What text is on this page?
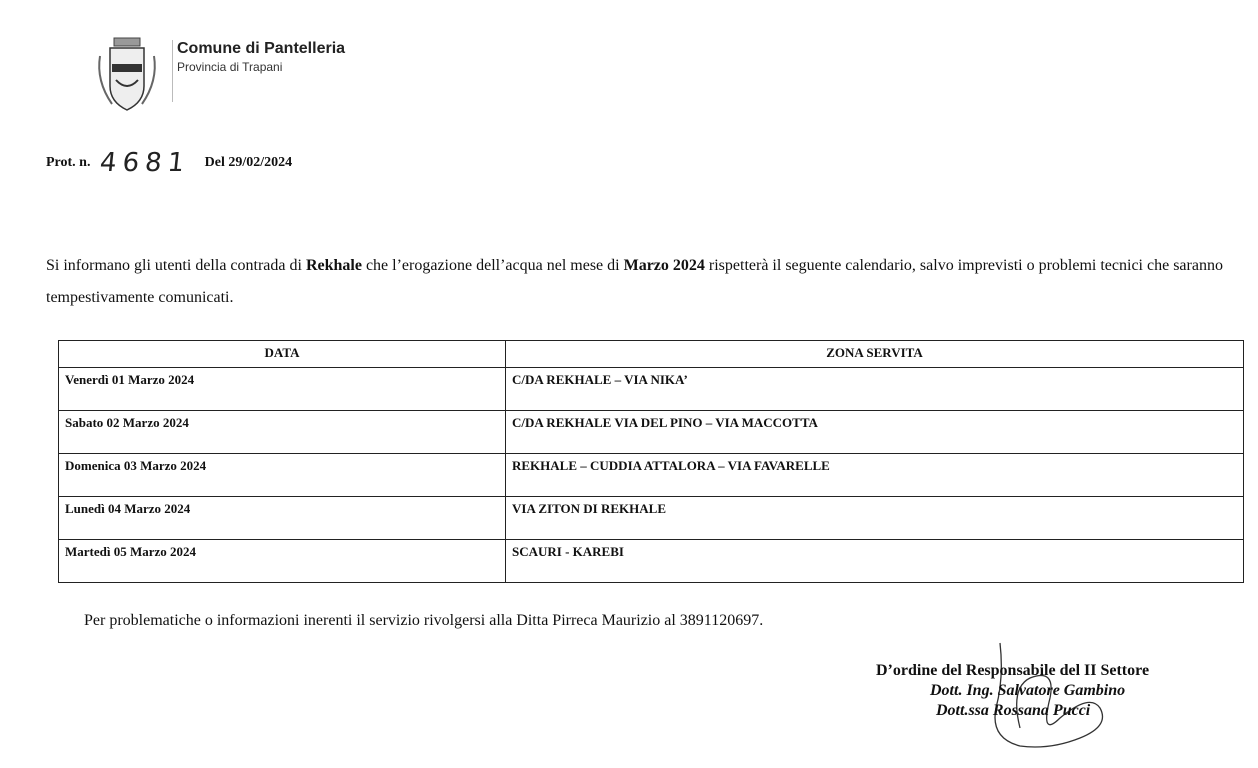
Comune di Pantelleria
Provincia di Trapani
Prot. n. 4681 Del 29/02/2024
Si informano gli utenti della contrada di Rekhale che l’erogazione dell’acqua nel mese di Marzo 2024 rispetterà il seguente calendario, salvo imprevisti o problemi tecnici che saranno tempestivamente comunicati.
DATA	ZONA SERVITA
Venerdì 01 Marzo 2024	C/DA REKHALE – VIA NIKA’
Sabato 02 Marzo 2024	C/DA REKHALE VIA DEL PINO – VIA MACCOTTA
Domenica 03 Marzo 2024	REKHALE – CUDDIA ATTALORA – VIA FAVARELLE
Lunedì 04 Marzo 2024	VIA ZITON DI REKHALE
Martedì 05 Marzo 2024	SCAURI - KAREBI
Per problematiche o informazioni inerenti il servizio rivolgersi alla Ditta Pirreca Maurizio al 3891120697.
D’ordine del Responsabile del II Settore
Dott. Ing. Salvatore Gambino
Dott.ssa Rossana Pucci
